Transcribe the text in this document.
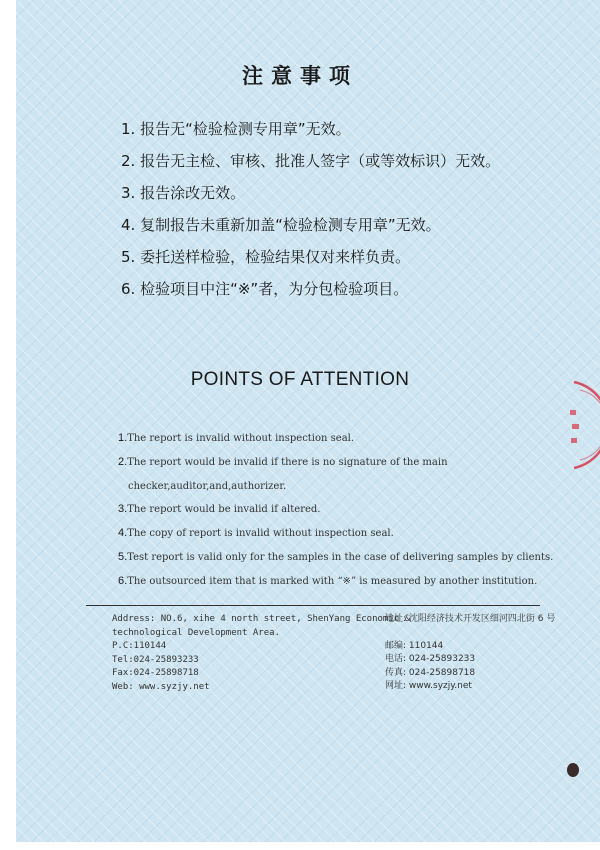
注意事项
1. 报告无“检验检测专用章”无效。
2. 报告无主检、审核、批准人签字（或等效标识）无效。
3. 报告涂改无效。
4. 复制报告未重新加盖“检验检测专用章”无效。
5. 委托送样检验，检验结果仅对来样负责。
6. 检验项目中注“※”者，为分包检验项目。
POINTS OF ATTENTION
1.The report is invalid without inspection seal.
2.The report would be invalid if there is no signature of the main
checker,auditor,and,authorizer.
3.The report would be invalid if altered.
4.The copy of report is invalid without inspection seal.
5.Test report is valid only for the samples in the case of delivering samples by clients.
6.The outsourced item that is marked with “※” is measured by another institution.
Address: NO.6, xihe 4 north street, ShenYang Economic &
technological Development Area.
P.C:110144
Tel:024-25893233
Fax:024-25898718
Web: www.syzjy.net
地址: 沈阳经济技术开发区细河四北街 6 号
邮编: 110144
电话: 024-25893233
传真: 024-25898718
网址: www.syzjy.net
